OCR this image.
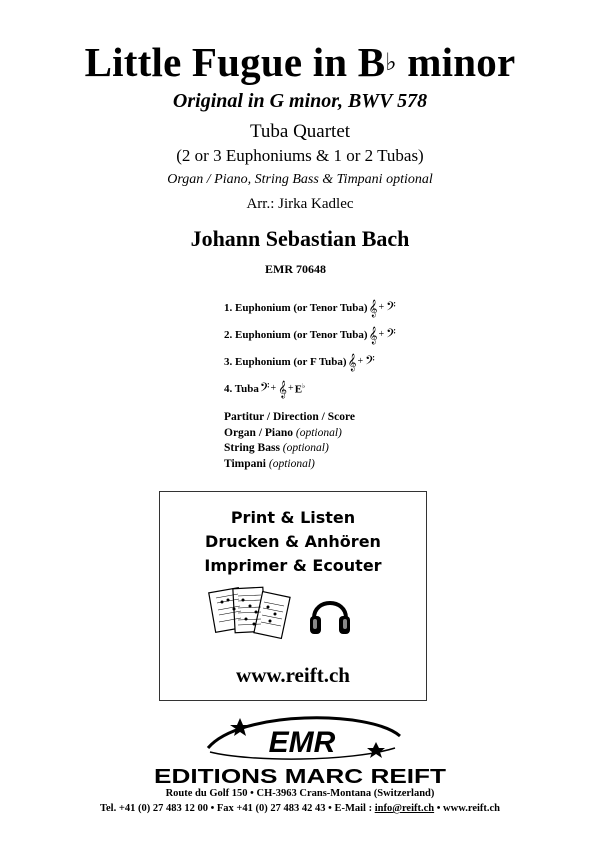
Little Fugue in B♭ minor
Original in G minor, BWV 578
Tuba Quartet
(2 or 3 Euphoniums & 1 or 2 Tubas)
Organ / Piano, String Bass & Timpani optional
Arr.: Jirka Kadlec
Johann Sebastian Bach
EMR 70648
1. Euphonium (or Tenor Tuba) 𝄞 + 𝄢
2. Euphonium (or Tenor Tuba) 𝄞 + 𝄢
3. Euphonium (or F Tuba) 𝄞 + 𝄢
4. Tuba 𝄢 + 𝄞 + E♭
Partitur / Direction / Score
Organ / Piano (optional)
String Bass (optional)
Timpani (optional)
Print & Listen
Drucken & Anhören
Imprimer & Ecouter
www.reift.ch
EMR
EDITIONS MARC REIFT
Route du Golf 150 • CH-3963 Crans-Montana (Switzerland)
Tel. +41 (0) 27 483 12 00 • Fax +41 (0) 27 483 42 43 • E-Mail : info@reift.ch • www.reift.ch
